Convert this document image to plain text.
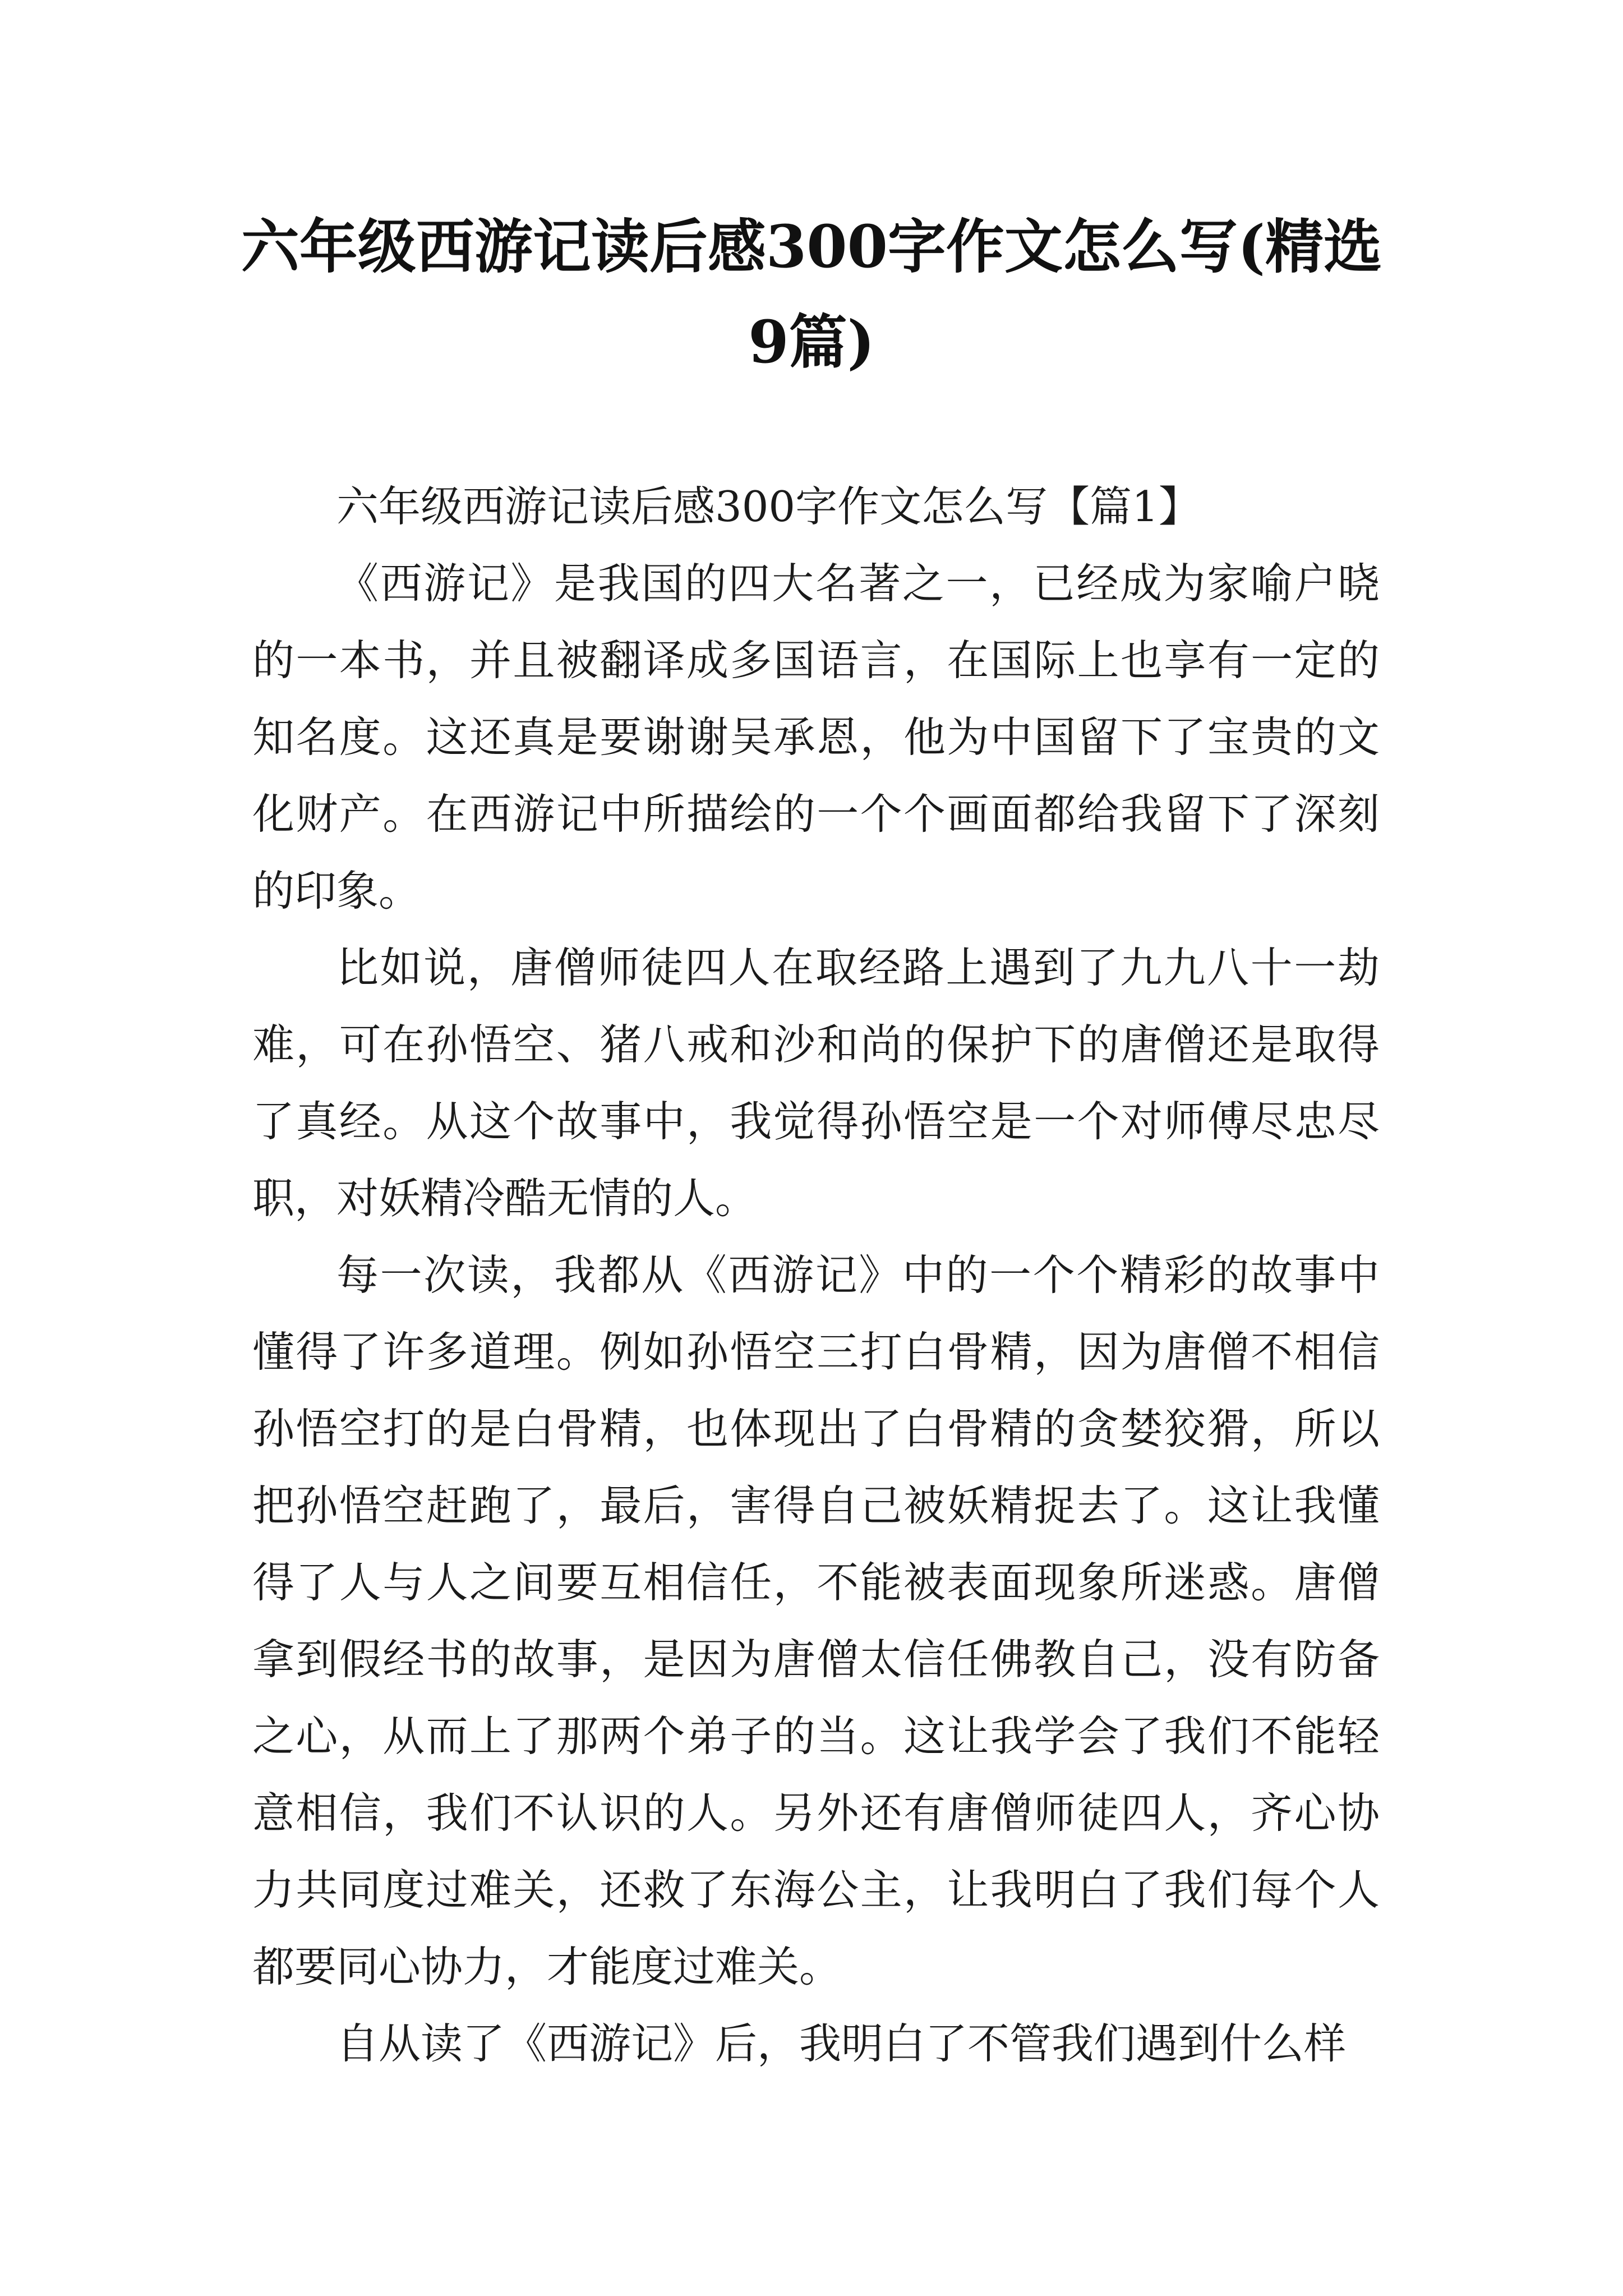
六年级西游记读后感300字作文怎么写(精选9篇)
六年级西游记读后感300字作文怎么写【篇1】

《西游记》是我国的四大名著之一，已经成为家喻户晓的一本书，并且被翻译成多国语言，在国际上也享有一定的知名度。这还真是要谢谢吴承恩，他为中国留下了宝贵的文化财产。在西游记中所描绘的一个个画面都给我留下了深刻的印象。

比如说，唐僧师徒四人在取经路上遇到了九九八十一劫难，可在孙悟空、猪八戒和沙和尚的保护下的唐僧还是取得了真经。从这个故事中，我觉得孙悟空是一个对师傅尽忠尽职，对妖精冷酷无情的人。

每一次读，我都从《西游记》中的一个个精彩的故事中懂得了许多道理。例如孙悟空三打白骨精，因为唐僧不相信孙悟空打的是白骨精，也体现出了白骨精的贪婪狡猾，所以把孙悟空赶跑了，最后，害得自己被妖精捉去了。这让我懂得了人与人之间要互相信任，不能被表面现象所迷惑。唐僧拿到假经书的故事，是因为唐僧太信任佛教自己，没有防备之心，从而上了那两个弟子的当。这让我学会了我们不能轻意相信，我们不认识的人。另外还有唐僧师徒四人，齐心协力共同度过难关，还救了东海公主，让我明白了我们每个人都要同心协力，才能度过难关。

自从读了《西游记》后，我明白了不管我们遇到什么样
